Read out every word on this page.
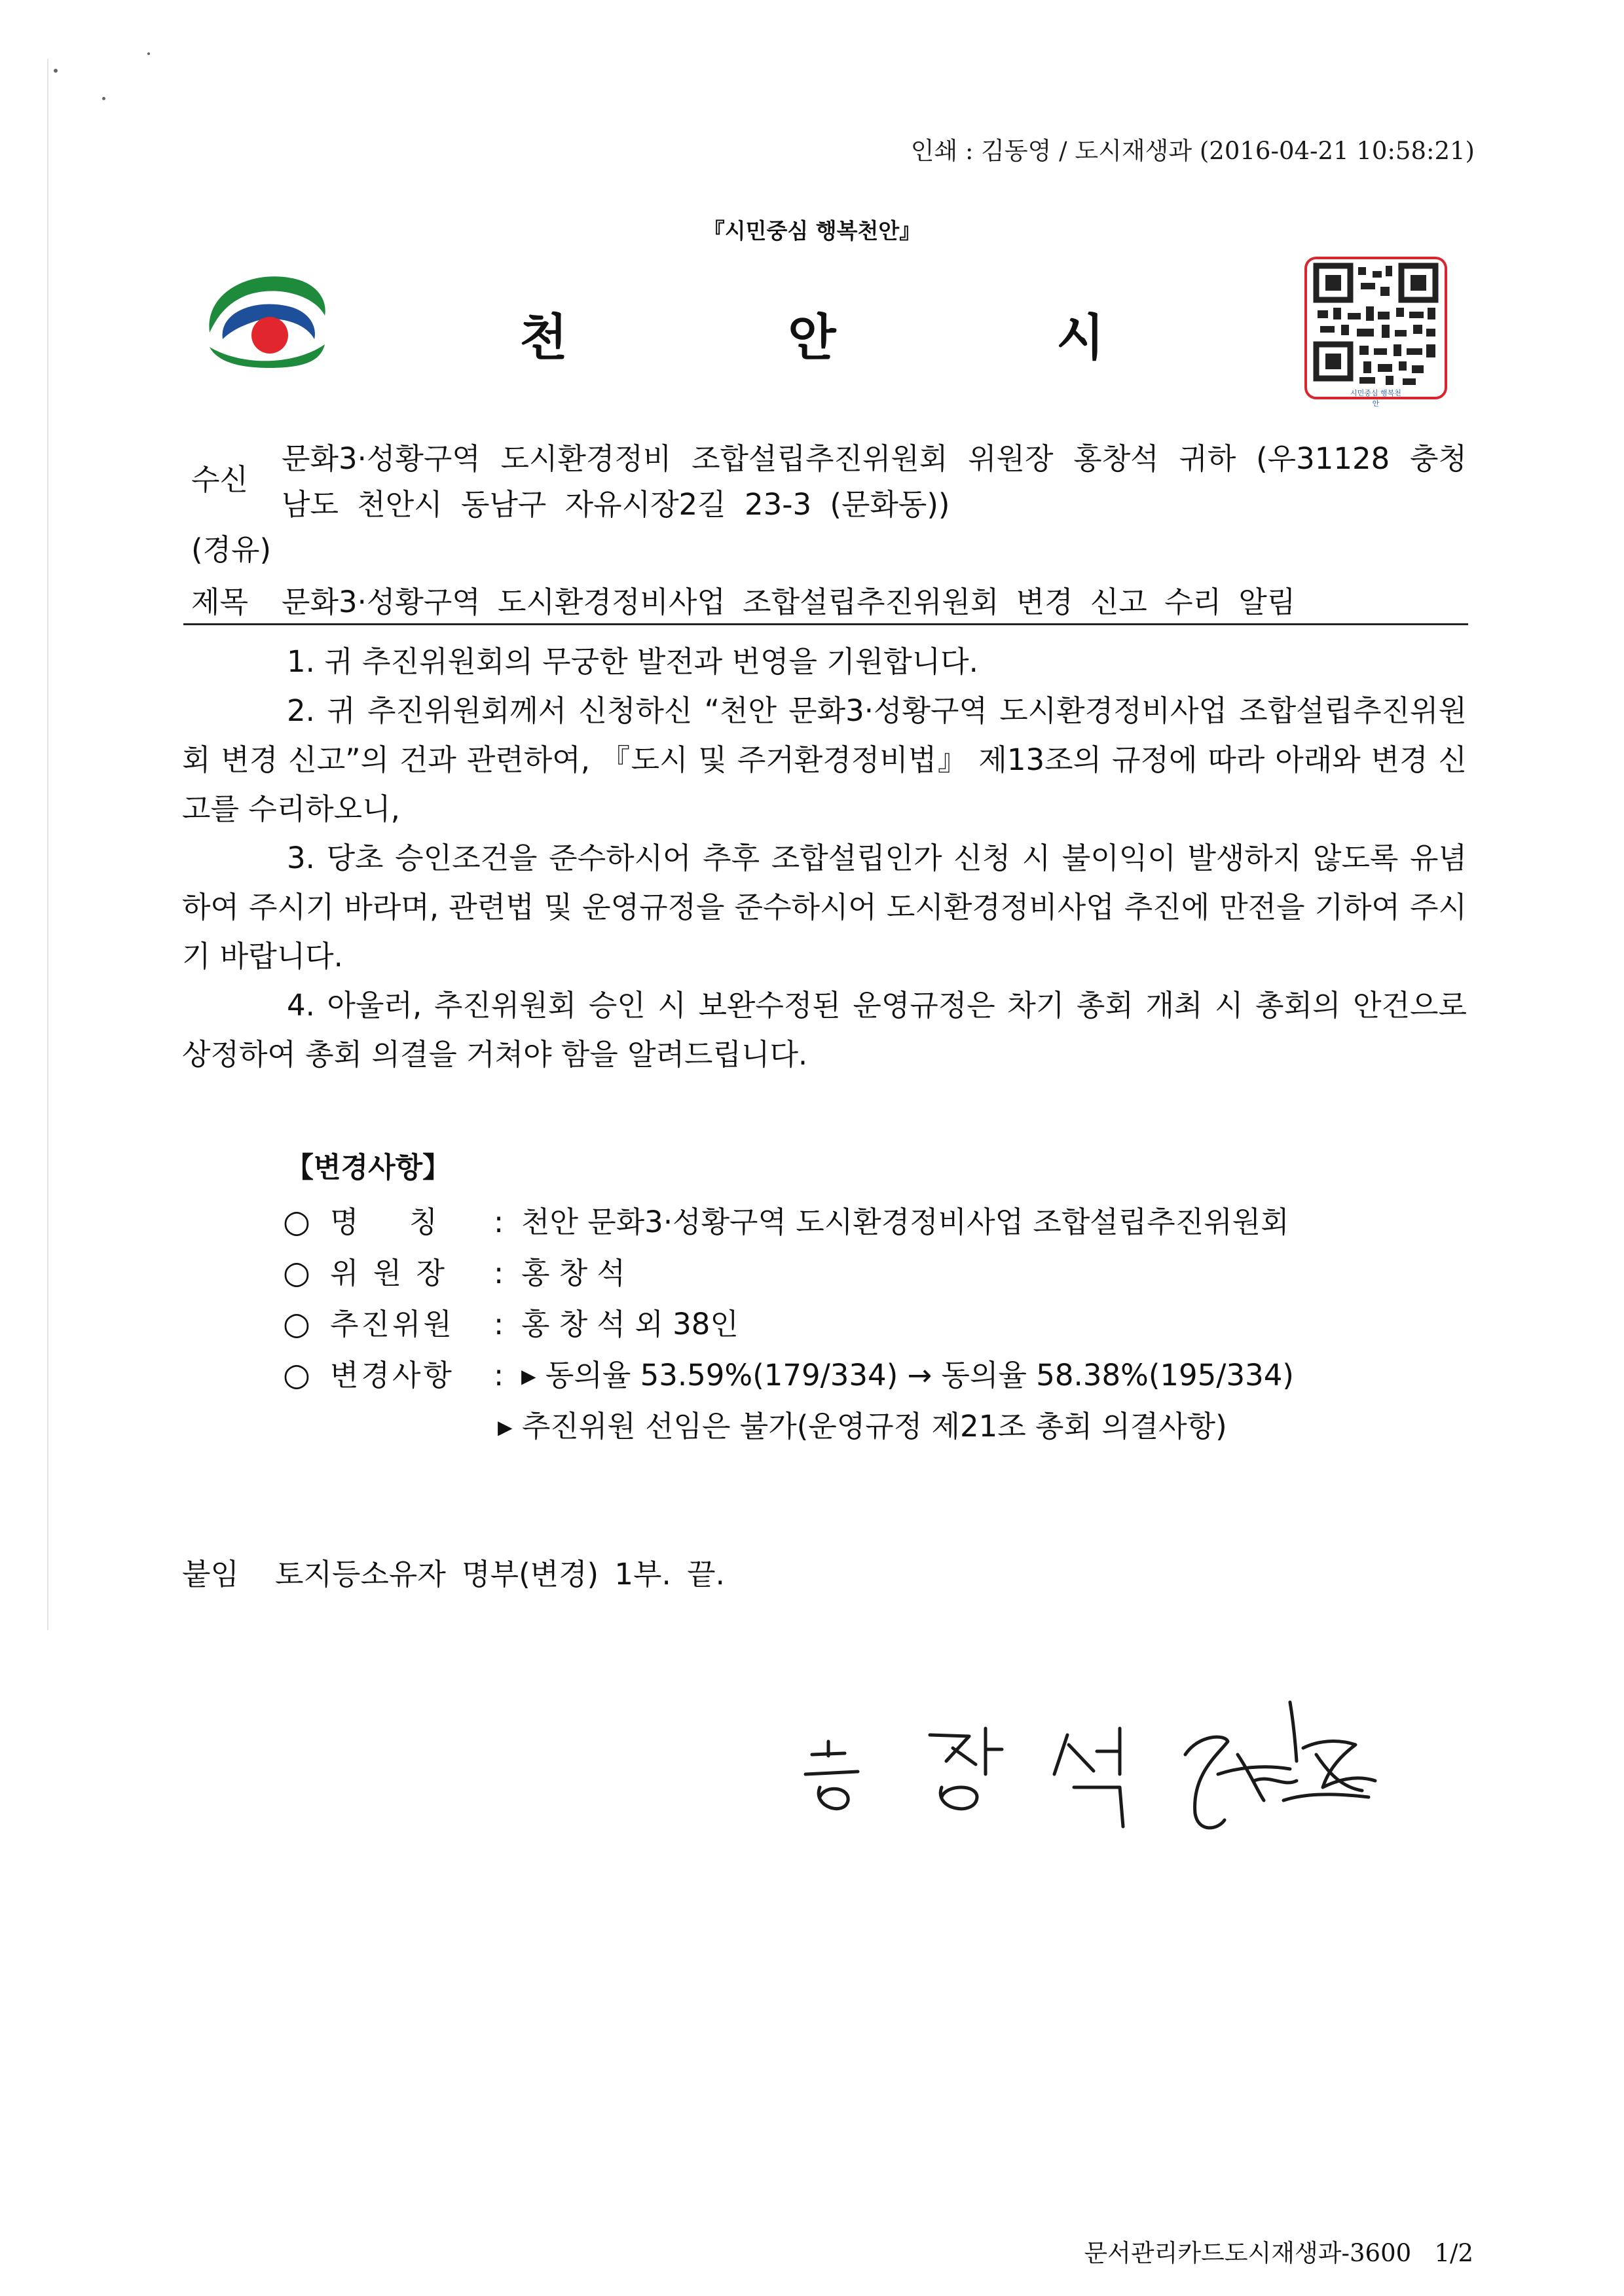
인쇄 : 김동영 / 도시재생과 (2016-04-21 10:58:21)
『시민중심 행복천안』
천 안 시
시민중심 행복천안
수신
문화3·성황구역 도시환경정비 조합설립추진위원회 위원장 홍창석 귀하 (우31128 충청남도 천안시 동남구 자유시장2길 23-3 (문화동))
(경유)
제목 문화3·성황구역 도시환경정비사업 조합설립추진위원회 변경 신고 수리 알림

1. 귀 추진위원회의 무궁한 발전과 번영을 기원합니다.

2. 귀 추진위원회께서 신청하신 “천안 문화3·성황구역 도시환경정비사업 조합설립추진위원회 변경 신고”의 건과 관련하여, 『도시 및 주거환경정비법』 제13조의 규정에 따라 아래와 변경 신고를 수리하오니,

3. 당초 승인조건을 준수하시어 추후 조합설립인가 신청 시 불이익이 발생하지 않도록 유념하여 주시기 바라며, 관련법 및 운영규정을 준수하시어 도시환경정비사업 추진에 만전을 기하여 주시기 바랍니다.

4. 아울러, 추진위원회 승인 시 보완수정된 운영규정은 차기 총회 개최 시 총회의 안건으로 상정하여 총회 의결을 거쳐야 함을 알려드립니다.

【변경사항】
○ 명    칭 : 천안 문화3·성황구역 도시환경정비사업 조합설립추진위원회
○ 위 원 장 : 홍 창 석
○ 추진위원 : 홍 창 석 외 38인
○ 변경사항 : ▸ 동의율 53.59%(179/334) → 동의율 58.38%(195/334)
▸ 추진위원 선임은 불가(운영규정 제21조 총회 의결사항)
붙임 토지등소유자 명부(변경) 1부. 끝.
문서관리카드도시재생과-3600   1/2
